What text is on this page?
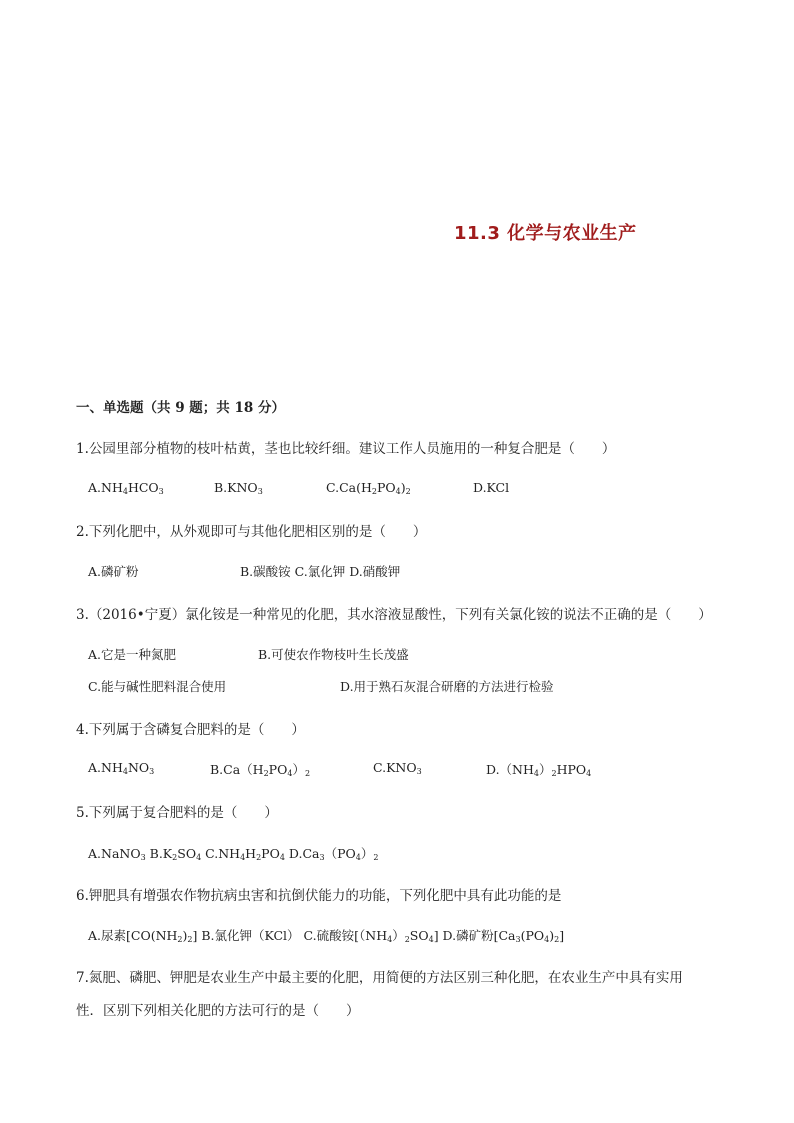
11.3 化学与农业生产
一、单选题（共 9 题；共 18 分）
1.公园里部分植物的枝叶枯黄，茎也比较纤细。建议工作人员施用的一种复合肥是（　　）
$A.NH_4HCO_3$	$B.KNO_3$	$C.Ca(H_2PO_4)_2$	D.KCl
2.下列化肥中，从外观即可与其他化肥相区别的是（　　）
A.磷矿粉	B.碳酸铵 C.氯化钾 D.硝酸钾
3.（2016•宁夏）氯化铵是一种常见的化肥，其水溶液显酸性，下列有关氯化铵的说法不正确的是（　　）
A.它是一种氮肥	B.可使农作物枝叶生长茂盛
C.能与碱性肥料混合使用	D.用于熟石灰混合研磨的方法进行检验
4.下列属于含磷复合肥料的是（　　）
$A.NH_4NO_3$	$B.Ca(H_2PO_4)_2$	$C.KNO_3$	$D.(NH_4)_2HPO_4$
5.下列属于复合肥料的是（　　）
A.NaNO$_3$ $B.K_2SO_4$ $C.NH_4H_2PO_4$ $D.Ca_3(PO_4)_2$
6.钾肥具有增强农作物抗病虫害和抗倒伏能力的功能，下列化肥中具有此功能的是
A.尿素$[CO(NH_2)_2]$ B.氯化钾（KCl） C.硫酸铵$[(NH_4)_2SO_4]$ D.磷矿粉$[Ca_3(PO_4)_2]$
7.氮肥、磷肥、钾肥是农业生产中最主要的化肥，用简便的方法区别三种化肥，在农业生产中具有实用
性．区别下列相关化肥的方法可行的是（　　）
